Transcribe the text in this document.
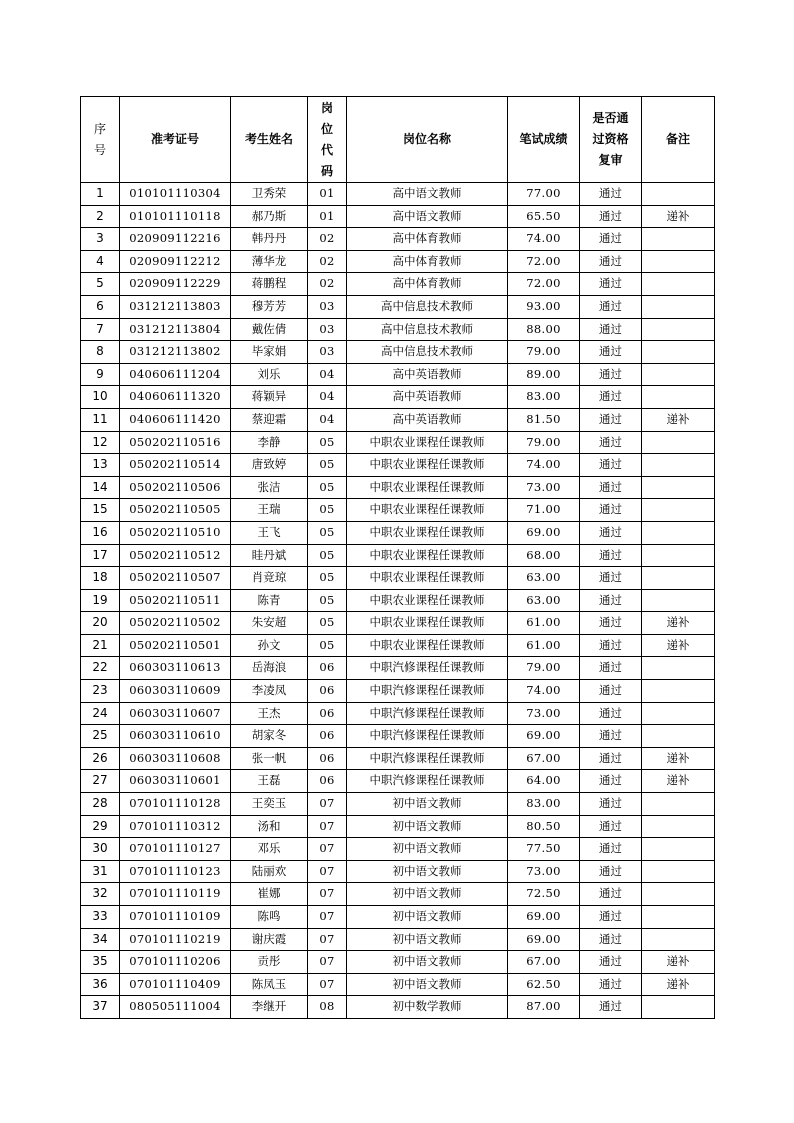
序号	准考证号	考生姓名	岗位代码	岗位名称	笔试成绩	是否通过资格复审	备注
1	010101110304	卫秀荣	01	高中语文教师	77.00	通过	
2	010101110118	郝乃斯	01	高中语文教师	65.50	通过	递补
3	020909112216	韩丹丹	02	高中体育教师	74.00	通过	
4	020909112212	薄华龙	02	高中体育教师	72.00	通过	
5	020909112229	蒋鹏程	02	高中体育教师	72.00	通过	
6	031212113803	穆芳芳	03	高中信息技术教师	93.00	通过	
7	031212113804	戴佐倩	03	高中信息技术教师	88.00	通过	
8	031212113802	毕家娟	03	高中信息技术教师	79.00	通过	
9	040606111204	刘乐	04	高中英语教师	89.00	通过	
10	040606111320	蒋颖异	04	高中英语教师	83.00	通过	
11	040606111420	蔡迎霜	04	高中英语教师	81.50	通过	递补
12	050202110516	李静	05	中职农业课程任课教师	79.00	通过	
13	050202110514	唐致婷	05	中职农业课程任课教师	74.00	通过	
14	050202110506	张洁	05	中职农业课程任课教师	73.00	通过	
15	050202110505	王瑞	05	中职农业课程任课教师	71.00	通过	
16	050202110510	王飞	05	中职农业课程任课教师	69.00	通过	
17	050202110512	眭丹斌	05	中职农业课程任课教师	68.00	通过	
18	050202110507	肖竞琼	05	中职农业课程任课教师	63.00	通过	
19	050202110511	陈青	05	中职农业课程任课教师	63.00	通过	
20	050202110502	朱安超	05	中职农业课程任课教师	61.00	通过	递补
21	050202110501	孙文	05	中职农业课程任课教师	61.00	通过	递补
22	060303110613	岳海浪	06	中职汽修课程任课教师	79.00	通过	
23	060303110609	李凌凤	06	中职汽修课程任课教师	74.00	通过	
24	060303110607	王杰	06	中职汽修课程任课教师	73.00	通过	
25	060303110610	胡家冬	06	中职汽修课程任课教师	69.00	通过	
26	060303110608	张一帆	06	中职汽修课程任课教师	67.00	通过	递补
27	060303110601	王磊	06	中职汽修课程任课教师	64.00	通过	递补
28	070101110128	王奕玉	07	初中语文教师	83.00	通过	
29	070101110312	汤和	07	初中语文教师	80.50	通过	
30	070101110127	邓乐	07	初中语文教师	77.50	通过	
31	070101110123	陆丽欢	07	初中语文教师	73.00	通过	
32	070101110119	崔娜	07	初中语文教师	72.50	通过	
33	070101110109	陈鸣	07	初中语文教师	69.00	通过	
34	070101110219	谢庆霞	07	初中语文教师	69.00	通过	
35	070101110206	贡彤	07	初中语文教师	67.00	通过	递补
36	070101110409	陈凤玉	07	初中语文教师	62.50	通过	递补
37	080505111004	李继开	08	初中数学教师	87.00	通过	
